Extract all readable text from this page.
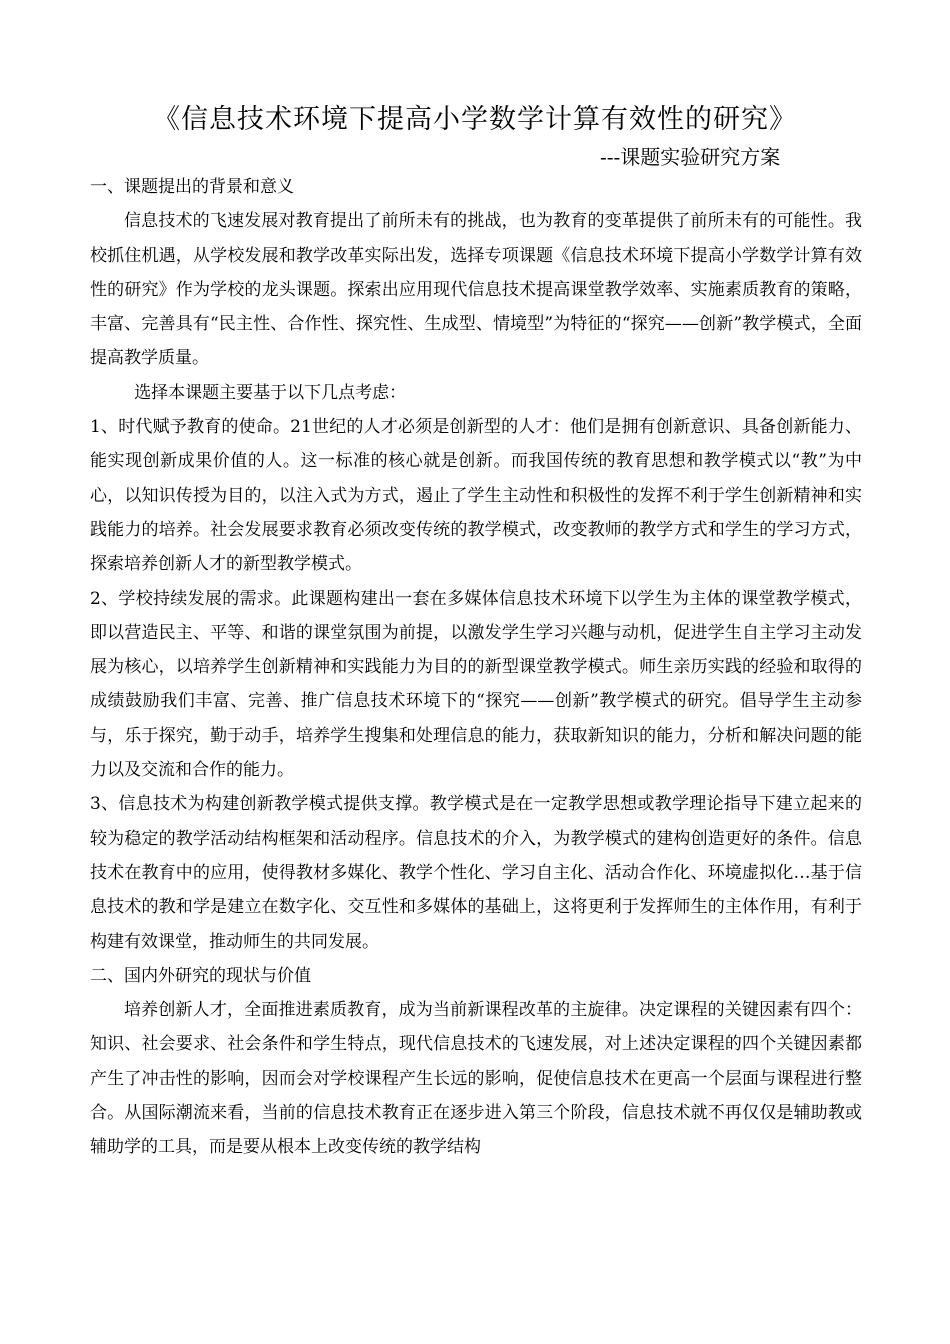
《信息技术环境下提高小学数学计算有效性的研究》
---课题实验研究方案

一、课题提出的背景和意义

信息技术的飞速发展对教育提出了前所未有的挑战，也为教育的变革提供了前所未有的可能性。我校抓住机遇，从学校发展和教学改革实际出发，选择专项课题《信息技术环境下提高小学数学计算有效性的研究》作为学校的龙头课题。探索出应用现代信息技术提高课堂教学效率、实施素质教育的策略，丰富、完善具有“民主性、合作性、探究性、生成型、情境型”为特征的“探究——创新”教学模式，全面提高教学质量。

选择本课题主要基于以下几点考虑：

1、时代赋予教育的使命。21世纪的人才必须是创新型的人才：他们是拥有创新意识、具备创新能力、能实现创新成果价值的人。这一标准的核心就是创新。而我国传统的教育思想和教学模式以“教”为中心，以知识传授为目的，以注入式为方式，遏止了学生主动性和积极性的发挥不利于学生创新精神和实践能力的培养。社会发展要求教育必须改变传统的教学模式，改变教师的教学方式和学生的学习方式，探索培养创新人才的新型教学模式。

2、学校持续发展的需求。此课题构建出一套在多媒体信息技术环境下以学生为主体的课堂教学模式，即以营造民主、平等、和谐的课堂氛围为前提，以激发学生学习兴趣与动机，促进学生自主学习主动发展为核心，以培养学生创新精神和实践能力为目的的新型课堂教学模式。师生亲历实践的经验和取得的成绩鼓励我们丰富、完善、推广信息技术环境下的“探究——创新”教学模式的研究。倡导学生主动参与，乐于探究，勤于动手，培养学生搜集和处理信息的能力，获取新知识的能力，分析和解决问题的能力以及交流和合作的能力。

3、信息技术为构建创新教学模式提供支撑。教学模式是在一定教学思想或教学理论指导下建立起来的较为稳定的教学活动结构框架和活动程序。信息技术的介入，为教学模式的建构创造更好的条件。信息技术在教育中的应用，使得教材多媒化、教学个性化、学习自主化、活动合作化、环境虚拟化…基于信息技术的教和学是建立在数字化、交互性和多媒体的基础上，这将更利于发挥师生的主体作用，有利于构建有效课堂，推动师生的共同发展。

二、国内外研究的现状与价值

培养创新人才，全面推进素质教育，成为当前新课程改革的主旋律。决定课程的关键因素有四个：知识、社会要求、社会条件和学生特点，现代信息技术的飞速发展，对上述决定课程的四个关键因素都产生了冲击性的影响，因而会对学校课程产生长远的影响，促使信息技术在更高一个层面与课程进行整合。从国际潮流来看，当前的信息技术教育正在逐步进入第三个阶段，信息技术就不再仅仅是辅助教或辅助学的工具，而是要从根本上改变传统的教学结构
